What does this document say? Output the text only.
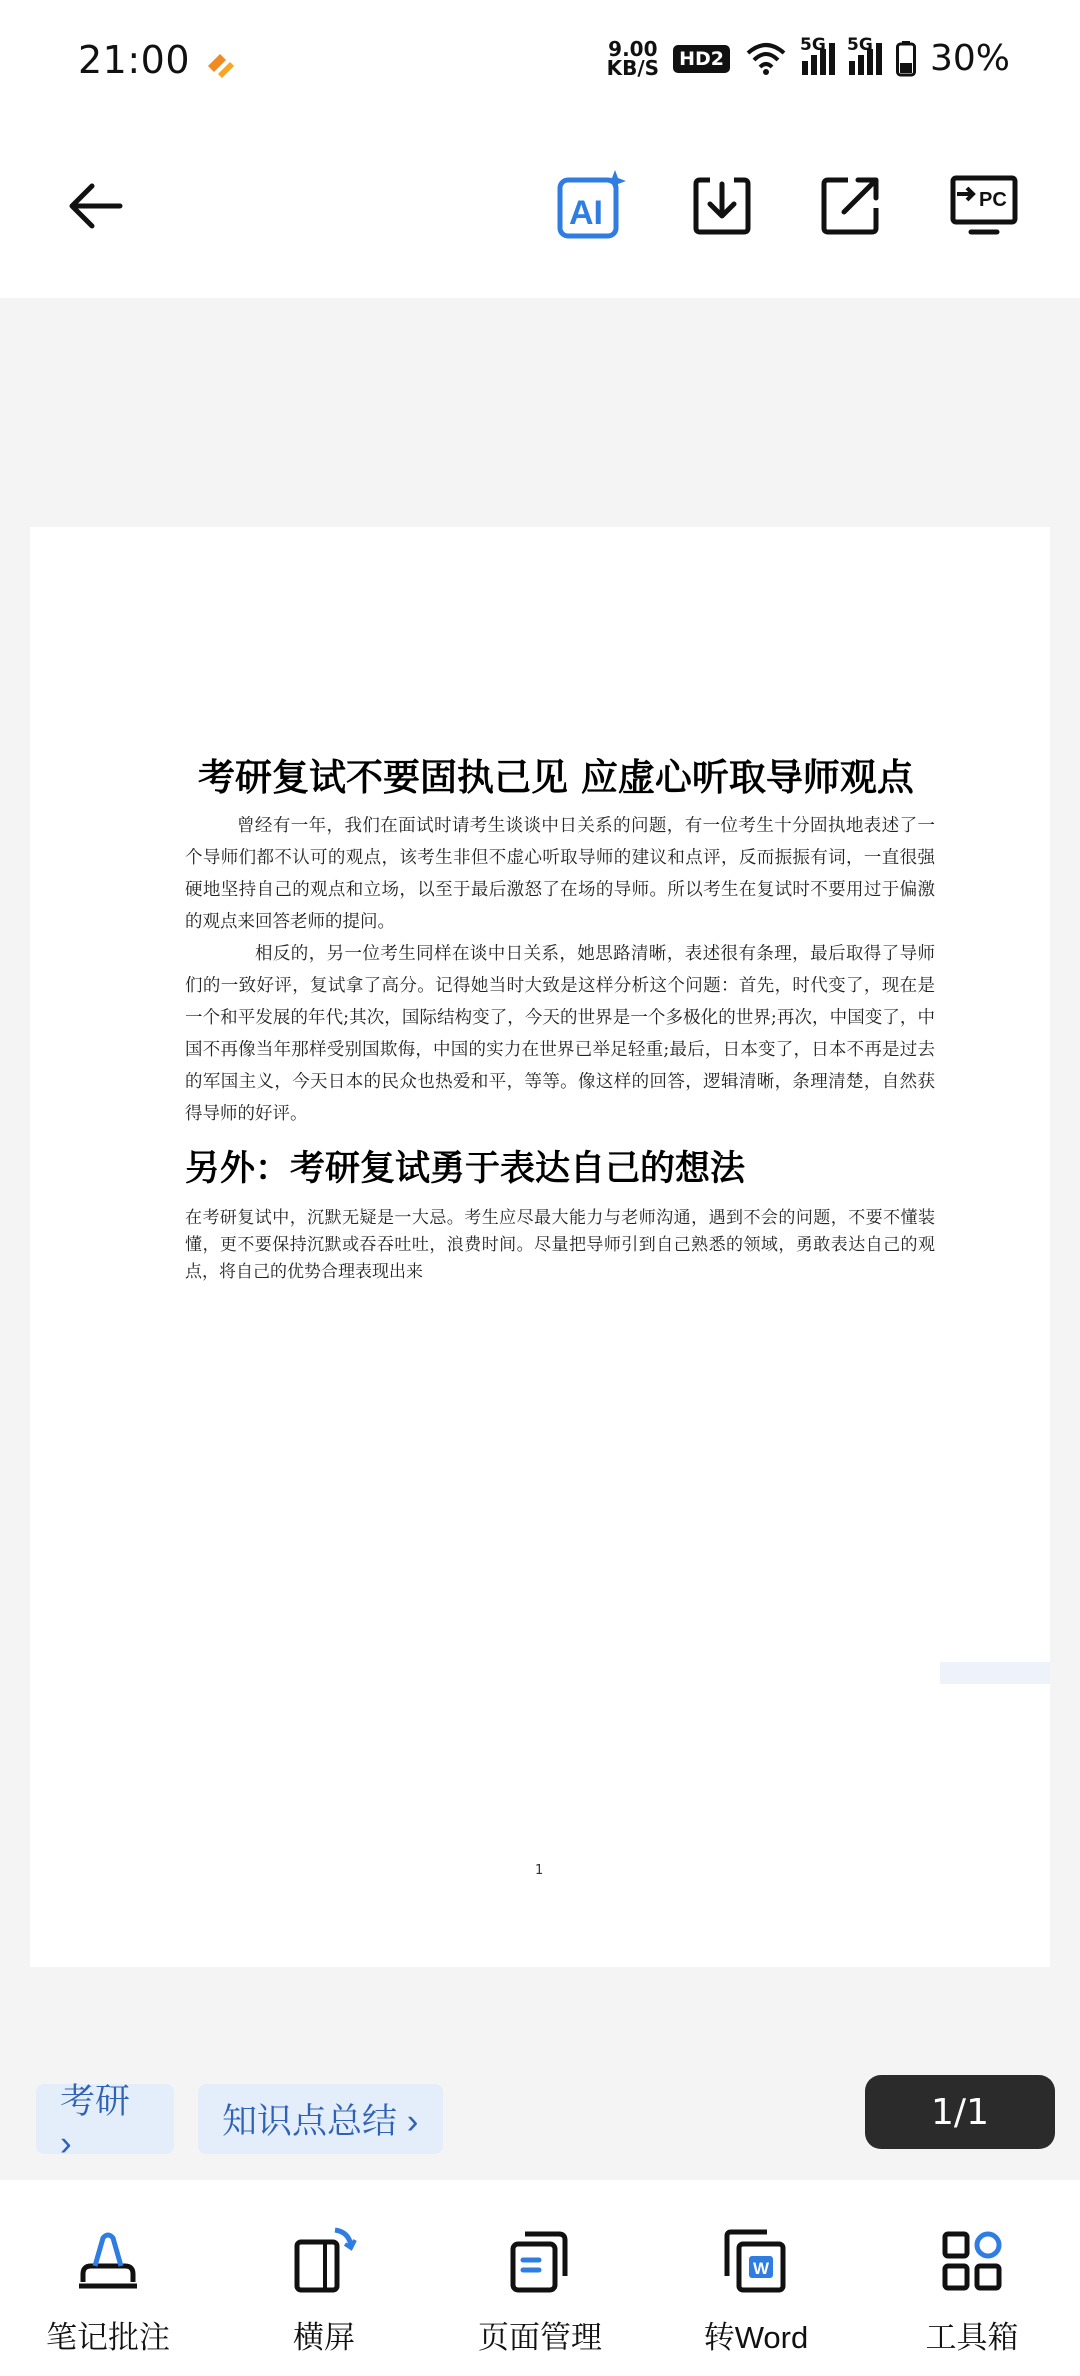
21:00	9.00
KB/S	HD2
5G 5G 30%
AI	PC
考研复试不要固执己见 应虚心听取导师观点
曾经有一年，我们在面试时请考生谈谈中日关系的问题，有一位考生十分固执地表述了一个导师们都不认可的观点，该考生非但不虚心听取导师的建议和点评，反而振振有词，一直很强硬地坚持自己的观点和立场，以至于最后激怒了在场的导师。所以考生在复试时不要用过于偏激的观点来回答老师的提问。
相反的，另一位考生同样在谈中日关系，她思路清晰，表述很有条理，最后取得了导师们的一致好评，复试拿了高分。记得她当时大致是这样分析这个问题：首先，时代变了，现在是一个和平发展的年代;其次，国际结构变了，今天的世界是一个多极化的世界;再次，中国变了，中国不再像当年那样受别国欺侮，中国的实力在世界已举足轻重;最后，日本变了，日本不再是过去的军国主义，今天日本的民众也热爱和平，等等。像这样的回答，逻辑清晰，条理清楚，自然获得导师的好评。
另外：考研复试勇于表达自己的想法
在考研复试中，沉默无疑是一大忌。考生应尽最大能力与老师沟通，遇到不会的问题，不要不懂装懂，更不要保持沉默或吞吞吐吐，浪费时间。尽量把导师引到自己熟悉的领域，勇敢表达自己的观点，将自己的优势合理表现出来
1
考研 ›
知识点总结 ›	1/1
笔记批注	横屏	页面管理
W
转Word	工具箱
